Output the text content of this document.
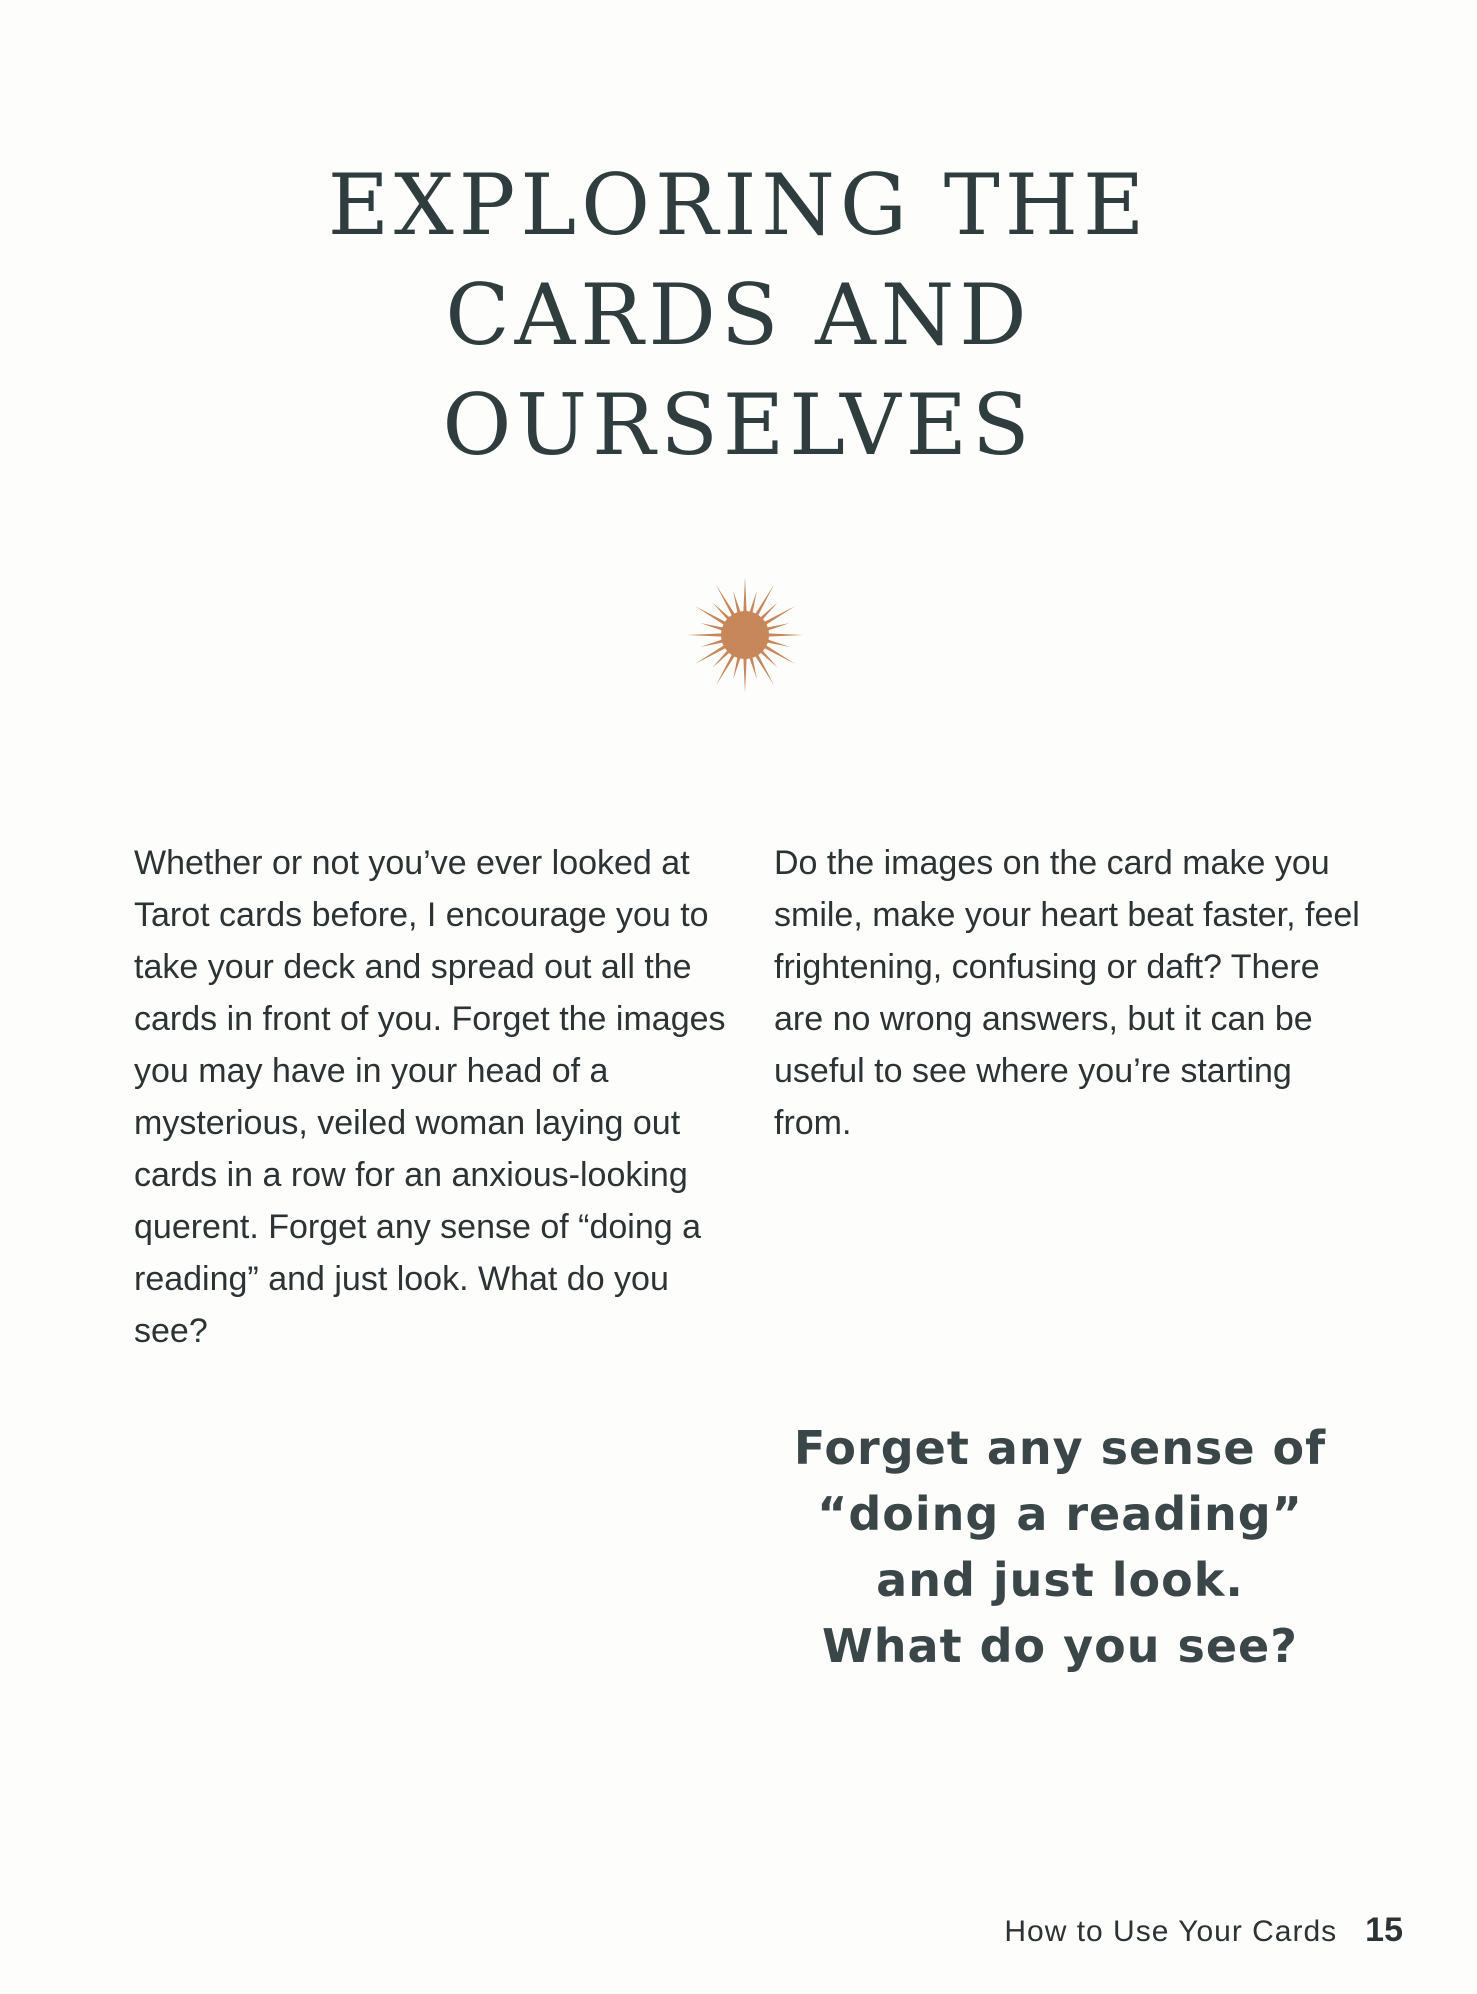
EXPLORING THE
CARDS AND
OURSELVES

Whether or not you’ve ever looked at Tarot cards before, I encourage you to take your deck and spread out all the cards in front of you. Forget the images you may have in your head of a mysterious, veiled woman laying out cards in a row for an anxious-looking querent. Forget any sense of “doing a reading” and just look. What do you see?

Do the images on the card make you smile, make your heart beat faster, feel frightening, confusing or daft? There are no wrong answers, but it can be useful to see where you’re starting from.

Forget any sense of
“doing a reading”
and just look.
What do you see?
How to Use Your Cards 15
